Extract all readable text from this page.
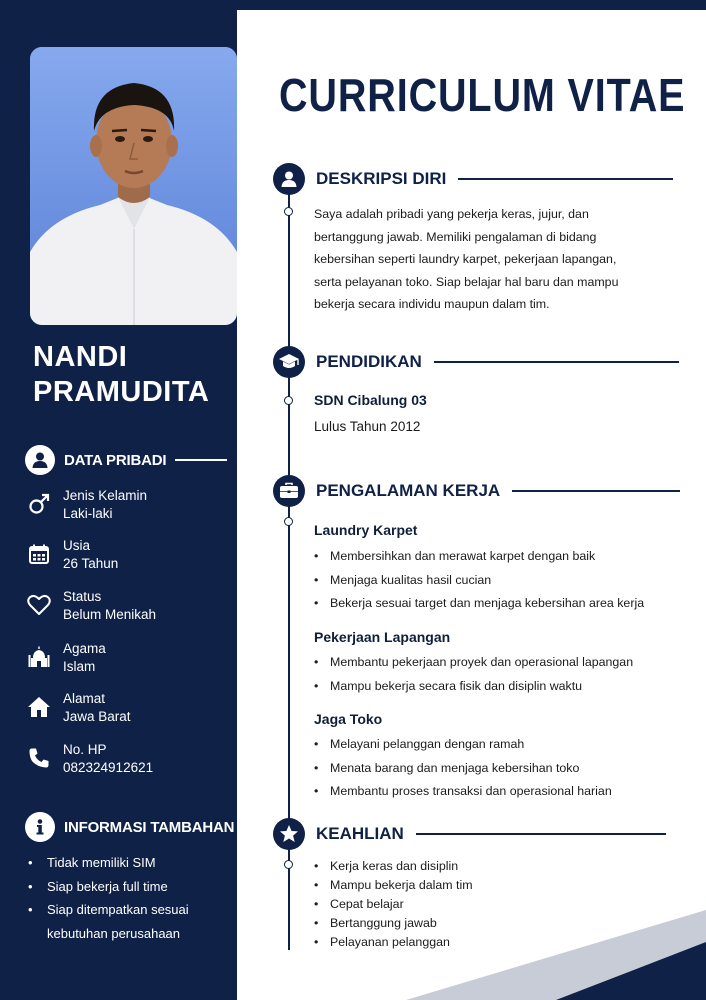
NANDI
PRAMUDITA
DATA PRIBADI
Jenis Kelamin
Laki-laki
Usia
26 Tahun
Status
Belum Menikah
Agama
Islam
Alamat
Jawa Barat
No. HP
082324912621
INFORMASI TAMBAHAN
•	Tidak memiliki SIM
•	Siap bekerja full time
•	Siap ditempatkan sesuai
kebutuhan perusahaan
CURRICULUM VITAE
DESKRIPSI DIRI
Saya adalah pribadi yang pekerja keras, jujur, dan
bertanggung jawab. Memiliki pengalaman di bidang
kebersihan seperti laundry karpet, pekerjaan lapangan,
serta pelayanan toko. Siap belajar hal baru dan mampu
bekerja secara individu maupun dalam tim.
PENDIDIKAN
SDN Cibalung 03
Lulus Tahun 2012
PENGALAMAN KERJA
Laundry Karpet
• Membersihkan dan merawat karpet dengan baik
• Menjaga kualitas hasil cucian
• Bekerja sesuai target dan menjaga kebersihan area kerja
Pekerjaan Lapangan
• Membantu pekerjaan proyek dan operasional lapangan
• Mampu bekerja secara fisik dan disiplin waktu
Jaga Toko
• Melayani pelanggan dengan ramah
• Menata barang dan menjaga kebersihan toko
• Membantu proses transaksi dan operasional harian
KEAHLIAN
• Kerja keras dan disiplin
• Mampu bekerja dalam tim
• Cepat belajar
• Bertanggung jawab
• Pelayanan pelanggan
